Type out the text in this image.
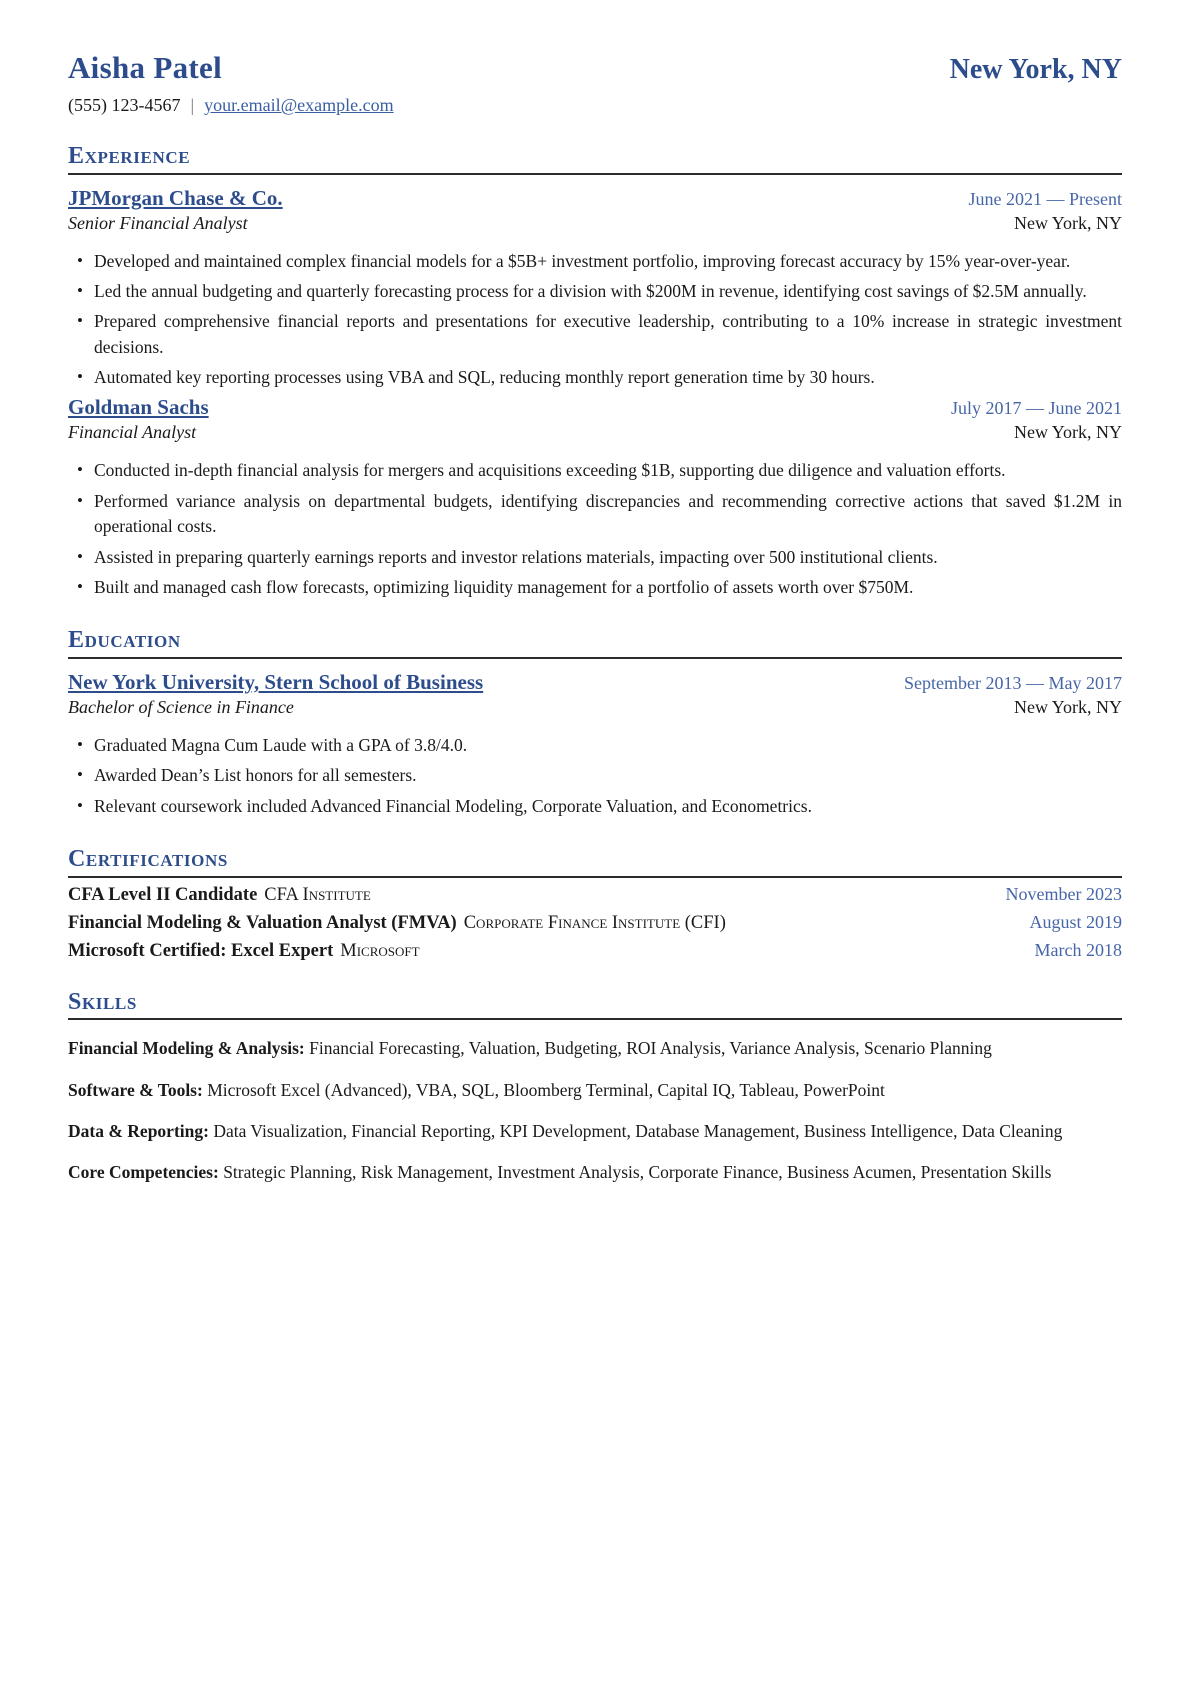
Aisha Patel	New York, NY
(555) 123-4567 | your.email@example.com
Experience
JPMorgan Chase & Co.	June 2021 — Present
Senior Financial Analyst	New York, NY
• Developed and maintained complex financial models for a $5B+ investment portfolio, improving forecast accuracy by 15% year-over-year.
• Led the annual budgeting and quarterly forecasting process for a division with $200M in revenue, identifying cost savings of $2.5M annually.
• Prepared comprehensive financial reports and presentations for executive leadership, contributing to a 10% increase in strategic investment decisions.
• Automated key reporting processes using VBA and SQL, reducing monthly report generation time by 30 hours.
Goldman Sachs	July 2017 — June 2021
Financial Analyst	New York, NY
• Conducted in-depth financial analysis for mergers and acquisitions exceeding $1B, supporting due diligence and valuation efforts.
• Performed variance analysis on departmental budgets, identifying discrepancies and recommending corrective actions that saved $1.2M in operational costs.
• Assisted in preparing quarterly earnings reports and investor relations materials, impacting over 500 institutional clients.
• Built and managed cash flow forecasts, optimizing liquidity management for a portfolio of assets worth over $750M.
Education
New York University, Stern School of Business	September 2013 — May 2017
Bachelor of Science in Finance	New York, NY
• Graduated Magna Cum Laude with a GPA of 3.8/4.0.
• Awarded Dean’s List honors for all semesters.
• Relevant coursework included Advanced Financial Modeling, Corporate Valuation, and Econometrics.
Certifications
CFA Level II Candidate CFA Institute	November 2023
Financial Modeling & Valuation Analyst (FMVA) Corporate Finance Institute (CFI)	August 2019
Microsoft Certified: Excel Expert Microsoft	March 2018
Skills

Financial Modeling & Analysis: Financial Forecasting, Valuation, Budgeting, ROI Analysis, Variance Analysis, Scenario Planning

Software & Tools: Microsoft Excel (Advanced), VBA, SQL, Bloomberg Terminal, Capital IQ, Tableau, PowerPoint

Data & Reporting: Data Visualization, Financial Reporting, KPI Development, Database Management, Business Intelligence, Data Cleaning

Core Competencies: Strategic Planning, Risk Management, Investment Analysis, Corporate Finance, Business Acumen, Presentation Skills
